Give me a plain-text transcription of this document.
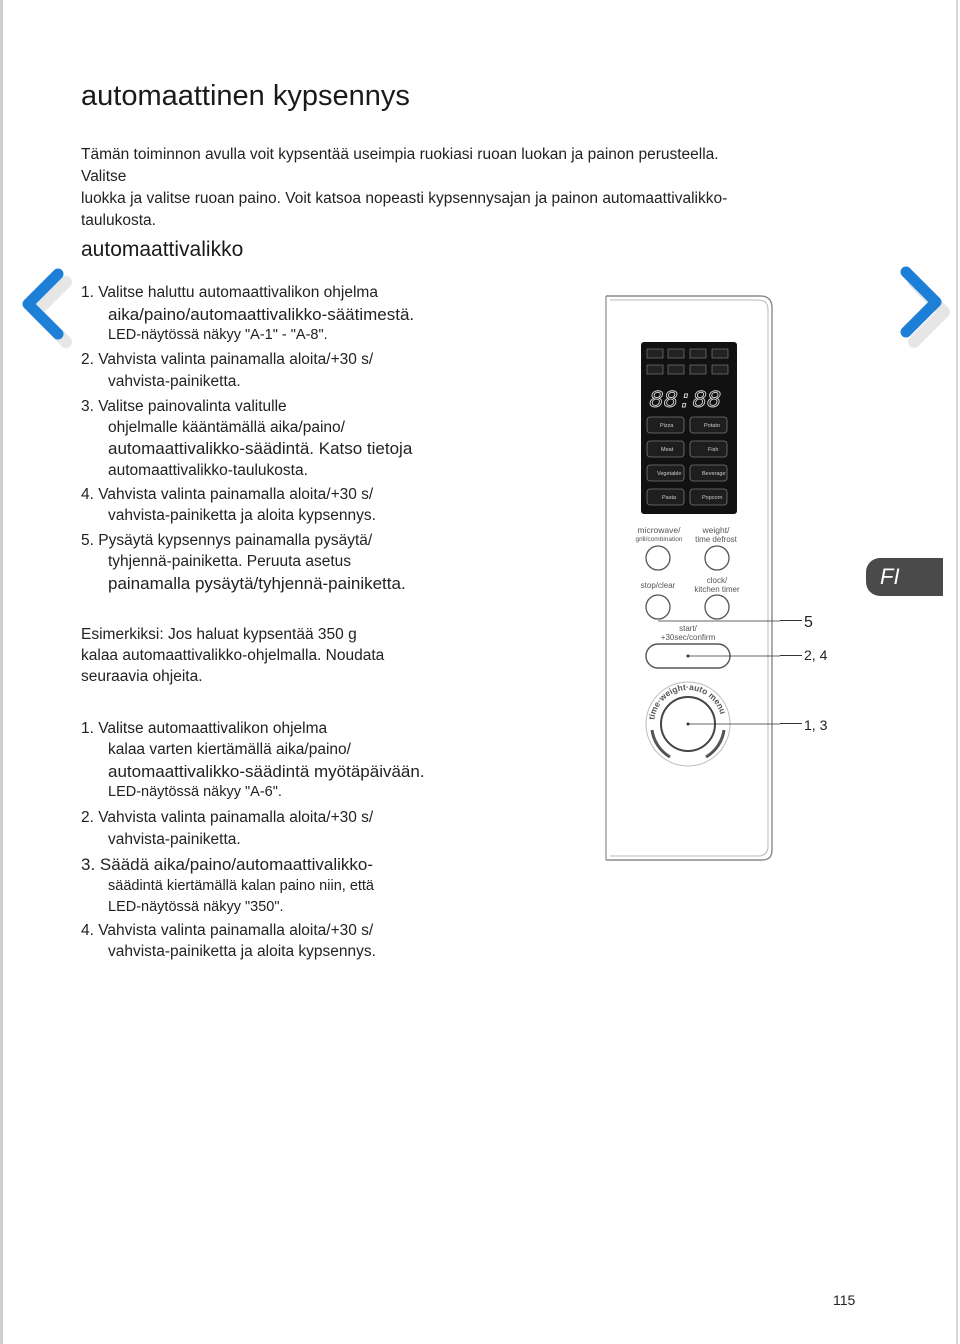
automaattinen kypsennys
Tämän toiminnon avulla voit kypsentää useimpia ruokiasi ruoan luokan ja painon perusteella. Valitse
luokka ja valitse ruoan paino. Voit katsoa nopeasti kypsennysajan ja painon automaattivalikko-
taulukosta.
automaattivalikko
1. Valitse haluttu automaattivalikon ohjelma
aika/paino/automaattivalikko-säätimestä.
LED-näytössä näkyy "A-1" - "A-8".
2. Vahvista valinta painamalla aloita/+30 s/
vahvista-painiketta.
3. Valitse painovalinta valitulle
ohjelmalle kääntämällä aika/paino/
automaattivalikko-säädintä. Katso tietoja
automaattivalikko-taulukosta.
4. Vahvista valinta painamalla aloita/+30 s/
vahvista-painiketta ja aloita kypsennys.
5. Pysäytä kypsennys painamalla pysäytä/
tyhjennä-painiketta. Peruuta asetus
painamalla pysäytä/tyhjennä-painiketta.
Esimerkiksi: Jos haluat kypsentää 350 g
kalaa automaattivalikko-ohjelmalla. Noudata
seuraavia ohjeita.
1. Valitse automaattivalikon ohjelma
kalaa varten kiertämällä aika/paino/
automaattivalikko-säädintä myötäpäivään.
LED-näytössä näkyy "A-6".
2. Vahvista valinta painamalla aloita/+30 s/
vahvista-painiketta.
3. Säädä aika/paino/automaattivalikko-
säädintä kiertämällä kalan paino niin, että
LED-näytössä näkyy "350".
4. Vahvista valinta painamalla aloita/+30 s/
vahvista-painiketta ja aloita kypsennys.
88:88
Pizza	Potato
Meat	Fish
Vegetable	Beverage
Pasta	Popcorn
time·weight·auto menu
microwave/
grill/combination
weight/
time defrost
stop/clear
clock/
kitchen timer
start/
+30sec/confirm
5
2, 4
1, 3
FI
115
